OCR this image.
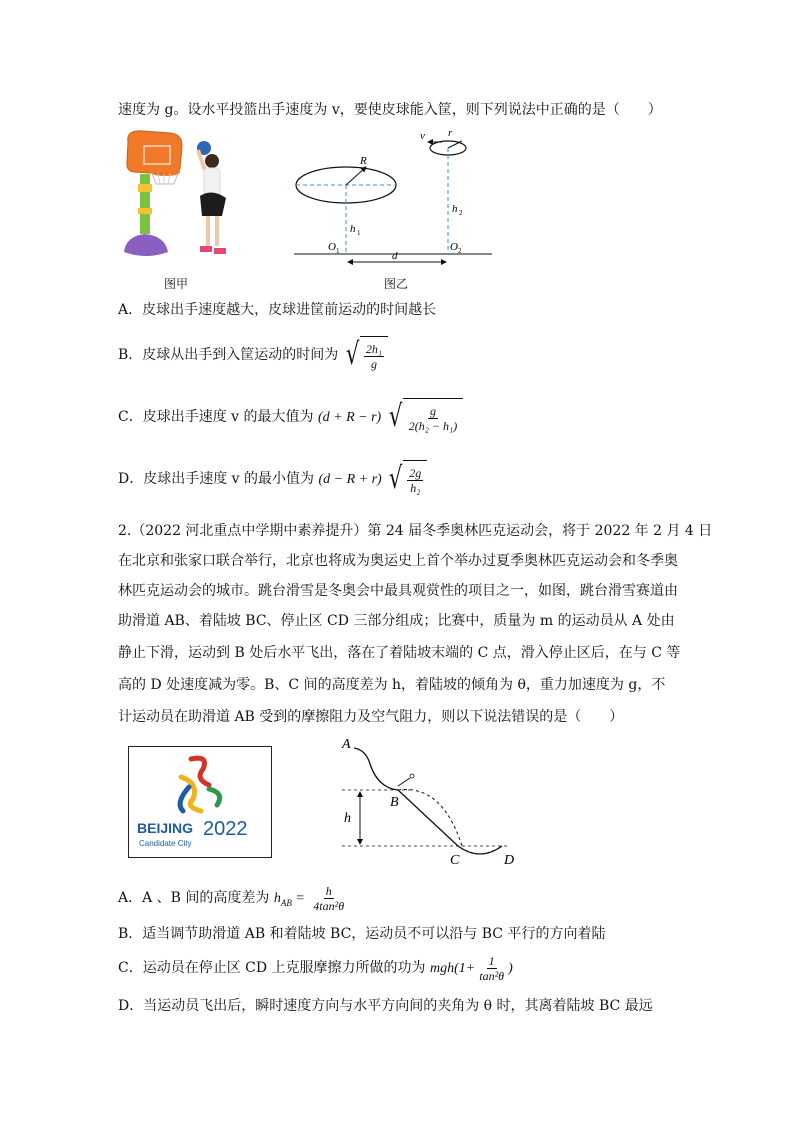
速度为 g。设水平投篮出手速度为 v，要使皮球能入筐，则下列说法中正确的是（　　）
图甲
R
v r
h 1
h 2
O 1	O 2
d
图乙
A．皮球出手速度越大，皮球进筐前运动的时间越长
B．皮球从出手到入筐运动的时间为 √ $\frac{\text{2h₁}}{g}$
C．皮球出手速度 v 的最大值为 (d + R − r) √ $\frac{g}{\text{2(h₂ − h₁)}}$
D．皮球出手速度 v 的最小值为 (d − R + r) √ $\frac{2g}{\text{h₂}}$
2.（2022 河北重点中学期中素养提升）第 24 届冬季奥林匹克运动会，将于 2022 年 2 月 4 日
在北京和张家口联合举行，北京也将成为奥运史上首个举办过夏季奥林匹克运动会和冬季奥
林匹克运动会的城市。跳台滑雪是冬奥会中最具观赏性的项目之一，如图，跳台滑雪赛道由
助滑道 AB、着陆坡 BC、停止区 CD 三部分组成；比赛中，质量为 m 的运动员从 A 处由
静止下滑，运动到 B 处后水平飞出，落在了着陆坡末端的 C 点，滑入停止区后，在与 C 等
高的 D 处速度减为零。B、C 间的高度差为 h，着陆坡的倾角为 θ，重力加速度为 g，不
计运动员在助滑道 AB 受到的摩擦阻力及空气阻力，则以下说法错误的是（　　）
BEIJING 2022
Candidate City
A
B
C	D
h
A．A 、B 间的高度差为 $h_{AB} = \frac{h}{\text{4tan²θ}}$
B．适当调节助滑道 AB 和着陆坡 BC，运动员不可以沿与 BC 平行的方向着陆
C．运动员在停止区 CD 上克服摩擦力所做的功为 $mgh(1+ \frac{1}{\text{tan²θ}}$ )
D．当运动员飞出后，瞬时速度方向与水平方向间的夹角为 θ 时，其离着陆坡 BC 最远
